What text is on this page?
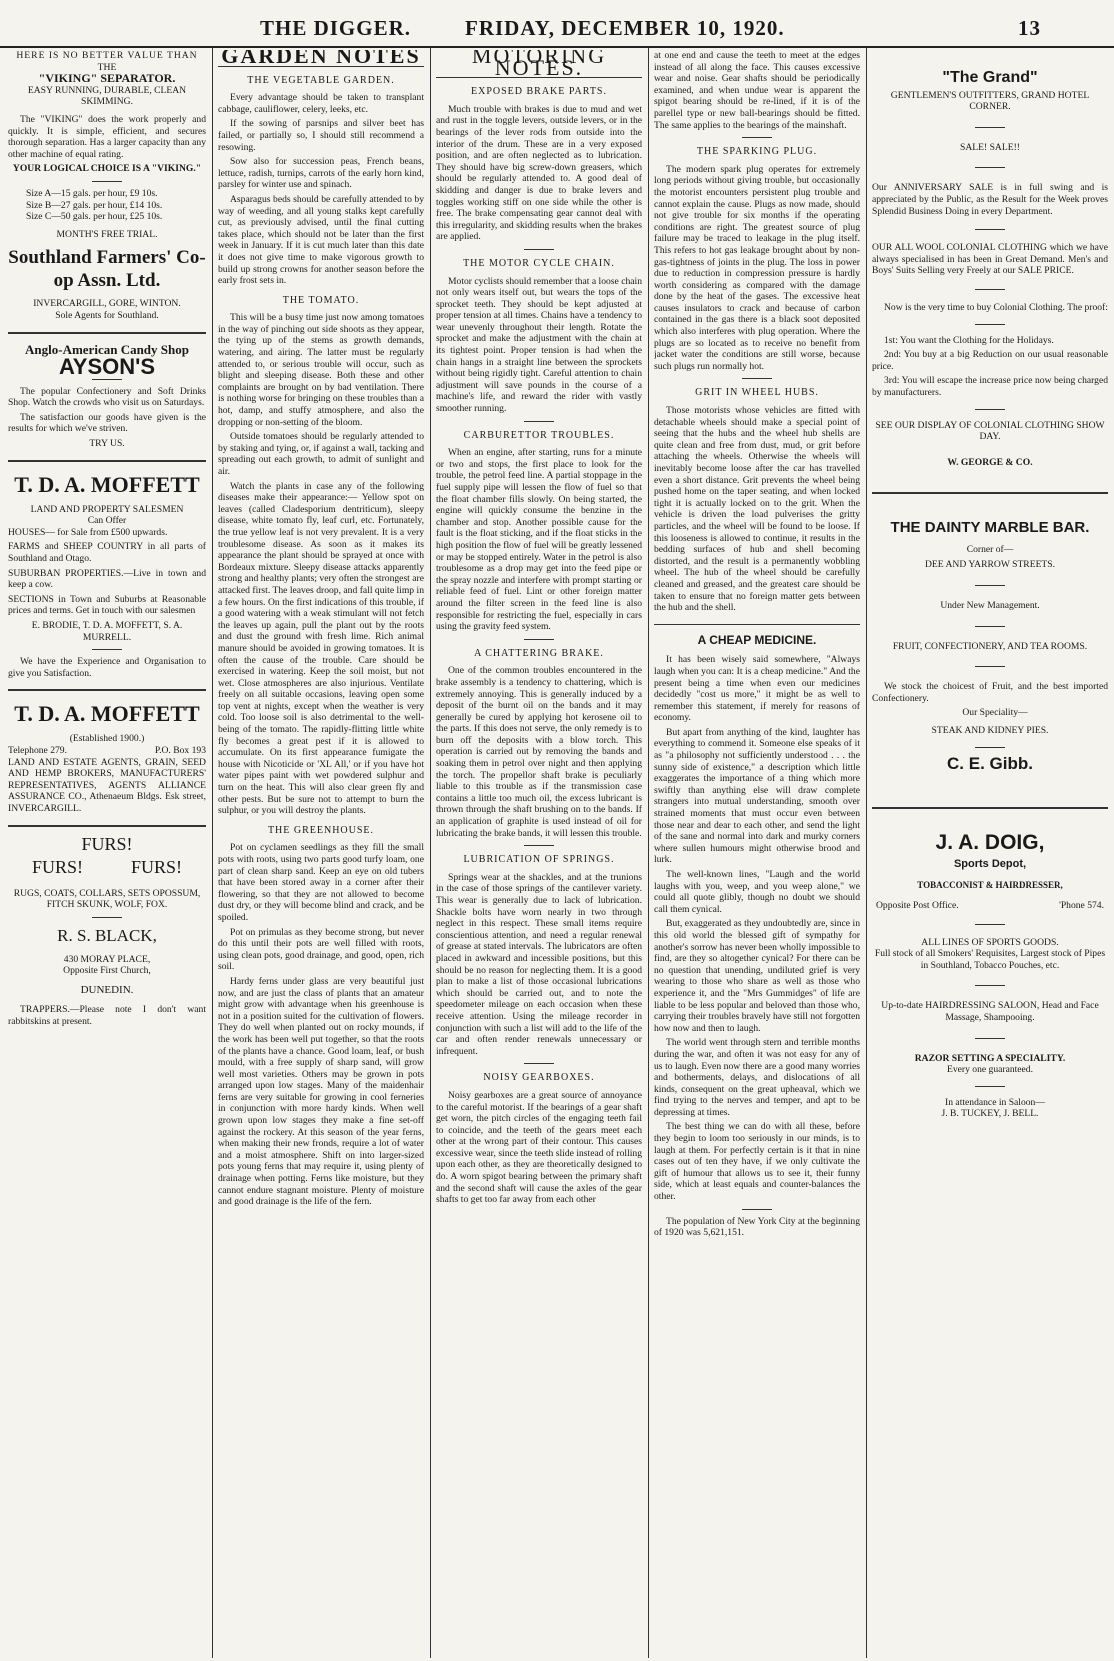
THE DIGGER.	FRIDAY, DECEMBER 10, 1920.	13
HERE IS NO BETTER VALUE THAN
THE
"VIKING" SEPARATOR.
EASY RUNNING, DURABLE, CLEAN SKIMMING.

The "VIKING" does the work properly and quickly. It is simple, efficient, and secures thorough separation. Has a larger capacity than any other machine of equal rating.

YOUR LOGICAL CHOICE IS A "VIKING."
Size A—15 gals. per hour, £9 10s.
Size B—27 gals. per hour, £14 10s.
Size C—50 gals. per hour, £25 10s.
MONTH'S FREE TRIAL.
Southland Farmers' Co-op Assn. Ltd.
INVERCARGILL, GORE, WINTON.
Sole Agents for Southland.
Anglo-American Candy Shop
AYSON'S

The popular Confectionery and Soft Drinks Shop. Watch the crowds who visit us on Saturdays.

The satisfaction our goods have given is the results for which we've striven.

TRY US.
T. D. A. MOFFETT
LAND AND PROPERTY SALESMEN
Can Offer

HOUSES— for Sale from £500 upwards.

FARMS and SHEEP COUNTRY in all parts of Southland and Otago.

SUBURBAN PROPERTIES.—Live in town and keep a cow.

SECTIONS in Town and Suburbs at Reasonable prices and terms. Get in touch with our salesmen

E. BRODIE, T. D. A. MOFFETT, S. A. MURRELL.

We have the Experience and Organisation to give you Satisfaction.

T. D. A. MOFFETT
(Established 1900.)
Telephone 279.	P.O. Box 193

LAND AND ESTATE AGENTS, GRAIN, SEED AND HEMP BROKERS, MANUFACTURERS' REPRESENTATIVES, AGENTS ALLIANCE ASSURANCE CO., Athenaeum Bldgs. Esk street, INVERCARGILL.

FURS!
FURS!	FURS!

RUGS, COATS, COLLARS, SETS OPOSSUM, FITCH SKUNK, WOLF, FOX.

R. S. BLACK,
430 MORAY PLACE,
Opposite First Church,
DUNEDIN.

TRAPPERS.—Please note I don't want rabbitskins at present.

GARDEN NOTES
THE VEGETABLE GARDEN.

Every advantage should be taken to transplant cabbage, cauliflower, celery, leeks, etc.

If the sowing of parsnips and silver beet has failed, or partially so, I should still recommend a resowing.

Sow also for succession peas, French beans, lettuce, radish, turnips, carrots of the early horn kind, parsley for winter use and spinach.

Asparagus beds should be carefully attended to by way of weeding, and all young stalks kept carefully cut, as previously advised, until the final cutting takes place, which should not be later than the first week in January. If it is cut much later than this date it does not give time to make vigorous growth to build up strong crowns for another season before the early frost sets in.

THE TOMATO.

This will be a busy time just now among tomatoes in the way of pinching out side shoots as they appear, the tying up of the stems as growth demands, watering, and airing. The latter must be regularly attended to, or serious trouble will occur, such as blight and sleeping disease. Both these and other complaints are brought on by bad ventilation. There is nothing worse for bringing on these troubles than a hot, damp, and stuffy atmosphere, and also the dropping or non-setting of the bloom.

Outside tomatoes should be regularly attended to by staking and tying, or, if against a wall, tacking and spreading out each growth, to admit of sunlight and air.

Watch the plants in case any of the following diseases make their appearance:— Yellow spot on leaves (called Cladesporium dentriticum), sleepy disease, white tomato fly, leaf curl, etc. Fortunately, the true yellow leaf is not very prevalent. It is a very troublesome disease. As soon as it makes its appearance the plant should be sprayed at once with Bordeaux mixture. Sleepy disease attacks apparently strong and healthy plants; very often the strongest are attacked first. The leaves droop, and fall quite limp in a few hours. On the first indications of this trouble, if a good watering with a weak stimulant will not fetch the leaves up again, pull the plant out by the roots and dust the ground with fresh lime. Rich animal manure should be avoided in growing tomatoes. It is often the cause of the trouble. Care should be exercised in watering. Keep the soil moist, but not wet. Close atmospheres are also injurious. Ventilate freely on all suitable occasions, leaving open some top vent at nights, except when the weather is very cold. Too loose soil is also detrimental to the well-being of the tomato. The rapidly-flitting little white fly becomes a great pest if it is allowed to accumulate. On its first appearance fumigate the house with Nicoticide or 'XL All,' or if you have hot water pipes paint with wet powdered sulphur and turn on the heat. This will also clear green fly and other pests. But be sure not to attempt to burn the sulphur, or you will destroy the plants.

THE GREENHOUSE.

Pot on cyclamen seedlings as they fill the small pots with roots, using two parts good turfy loam, one part of clean sharp sand. Keep an eye on old tubers that have been stored away in a corner after their flowering, so that they are not allowed to become dust dry, or they will become blind and crack, and be spoiled.

Pot on primulas as they become strong, but never do this until their pots are well filled with roots, using clean pots, good drainage, and good, open, rich soil.

Hardy ferns under glass are very beautiful just now, and are just the class of plants that an amateur might grow with advantage when his greenhouse is not in a position suited for the cultivation of flowers. They do well when planted out on rocky mounds, if the work has been well put together, so that the roots of the plants have a chance. Good loam, leaf, or bush mould, with a free supply of sharp sand, will grow well most varieties. Others may be grown in pots arranged upon low stages. Many of the maidenhair ferns are very suitable for growing in cool ferneries in conjunction with more hardy kinds. When well grown upon low stages they make a fine set-off against the rockery. At this season of the year ferns, when making their new fronds, require a lot of water and a moist atmosphere. Shift on into larger-sized pots young ferns that may require it, using plenty of drainage when potting. Ferns like moisture, but they cannot endure stagnant moisture. Plenty of moisture and good drainage is the life of the fern.

MOTORING NOTES.
EXPOSED BRAKE PARTS.

Much trouble with brakes is due to mud and wet and rust in the toggle levers, outside levers, or in the bearings of the lever rods from outside into the interior of the drum. These are in a very exposed position, and are often neglected as to lubrication. They should have big screw-down greasers, which should be regularly attended to. A good deal of skidding and danger is due to brake levers and toggles working stiff on one side while the other is free. The brake compensating gear cannot deal with this irregularity, and skidding results when the brakes are applied.

THE MOTOR CYCLE CHAIN.

Motor cyclists should remember that a loose chain not only wears itself out, but wears the tops of the sprocket teeth. They should be kept adjusted at proper tension at all times. Chains have a tendency to wear unevenly throughout their length. Rotate the sprocket and make the adjustment with the chain at its tightest point. Proper tension is had when the chain hangs in a straight line between the sprockets without being rigidly tight. Careful attention to chain adjustment will save pounds in the course of a machine's life, and reward the rider with vastly smoother running.

CARBURETTOR TROUBLES.

When an engine, after starting, runs for a minute or two and stops, the first place to look for the trouble, the petrol feed line. A partial stoppage in the fuel supply pipe will lessen the flow of fuel so that the float chamber fills slowly. On being started, the engine will quickly consume the benzine in the chamber and stop. Another possible cause for the fault is the float sticking, and if the float sticks in the high position the flow of fuel will be greatly lessened or may be stopped entirely. Water in the petrol is also troublesome as a drop may get into the feed pipe or the spray nozzle and interfere with prompt starting or reliable feed of fuel. Lint or other foreign matter around the filter screen in the feed line is also responsible for restricting the fuel, especially in cars using the gravity feed system.

A CHATTERING BRAKE.

One of the common troubles encountered in the brake assembly is a tendency to chattering, which is extremely annoying. This is generally induced by a deposit of the burnt oil on the bands and it may generally be cured by applying hot kerosene oil to the parts. If this does not serve, the only remedy is to burn off the deposits with a blow torch. This operation is carried out by removing the bands and soaking them in petrol over night and then applying the torch. The propellor shaft brake is peculiarly liable to this trouble as if the transmission case contains a little too much oil, the excess lubricant is thrown through the shaft brushing on to the bands. If an application of graphite is used instead of oil for lubricating the brake bands, it will lessen this trouble.

LUBRICATION OF SPRINGS.

Springs wear at the shackles, and at the trunions in the case of those springs of the cantilever variety. This wear is generally due to lack of lubrication. Shackle bolts have worn nearly in two through neglect in this respect. These small items require conscientious attention, and need a regular renewal of grease at stated intervals. The lubricators are often placed in awkward and incessible positions, but this should be no reason for neglecting them. It is a good plan to make a list of those occasional lubrications which should be carried out, and to note the speedometer mileage on each occasion when these receive attention. Using the mileage recorder in conjunction with such a list will add to the life of the car and often render renewals unnecessary or infrequent.

NOISY GEARBOXES.

Noisy gearboxes are a great source of annoyance to the careful motorist. If the bearings of a gear shaft get worn, the pitch circles of the engaging teeth fail to coincide, and the teeth of the gears meet each other at the wrong part of their contour. This causes excessive wear, since the teeth slide instead of rolling upon each other, as they are theoretically designed to do. A worn spigot bearing between the primary shaft and the second shaft will cause the axles of the gear shafts to get too far away from each other

at one end and cause the teeth to meet at the edges instead of all along the face. This causes excessive wear and noise. Gear shafts should be periodically examined, and when undue wear is apparent the spigot bearing should be re-lined, if it is of the parellel type or new ball-bearings should be fitted. The same applies to the bearings of the mainshaft.

THE SPARKING PLUG.

The modern spark plug operates for extremely long periods without giving trouble, but occasionally the motorist encounters persistent plug trouble and cannot explain the cause. Plugs as now made, should not give trouble for six months if the operating conditions are right. The greatest source of plug failure may be traced to leakage in the plug itself. This refers to hot gas leakage brought about by non-gas-tightness of joints in the plug. The loss in power due to reduction in compression pressure is hardly worth considering as compared with the damage done by the heat of the gases. The excessive heat causes insulators to crack and because of carbon contained in the gas there is a black soot deposited which also interferes with plug operation. Where the plugs are so located as to receive no benefit from jacket water the conditions are still worse, because such plugs run normally hot.

GRIT IN WHEEL HUBS.

Those motorists whose vehicles are fitted with detachable wheels should make a special point of seeing that the hubs and the wheel hub shells are quite clean and free from dust, mud, or grit before attaching the wheels. Otherwise the wheels will inevitably become loose after the car has travelled even a short distance. Grit prevents the wheel being pushed home on the taper seating, and when locked tight it is actually locked on to the grit. When the vehicle is driven the load pulverises the gritty particles, and the wheel will be found to be loose. If this looseness is allowed to continue, it results in the bedding surfaces of hub and shell becoming distorted, and the result is a permanently wobbling wheel. The hub of the wheel should be carefully cleaned and greased, and the greatest care should be taken to ensure that no foreign matter gets between the hub and the shell.

A CHEAP MEDICINE.

It has been wisely said somewhere, "Always laugh when you can: It is a cheap medicine." And the present being a time when even our medicines decidedly "cost us more," it might be as well to remember this statement, if merely for reasons of economy.

But apart from anything of the kind, laughter has everything to commend it. Someone else speaks of it as "a philosophy not sufficiently understood . . . the sunny side of existence," a description which little exaggerates the importance of a thing which more swiftly than anything else will draw complete strangers into mutual understanding, smooth over strained moments that must occur even between those near and dear to each other, and send the light of the sane and normal into dark and murky corners where sullen humours might otherwise brood and lurk.

The well-known lines, "Laugh and the world laughs with you, weep, and you weep alone," we could all quote glibly, though no doubt we should call them cynical.

But, exaggerated as they undoubtedly are, since in this old world the blessed gift of sympathy for another's sorrow has never been wholly impossible to find, are they so altogether cynical? For there can be no question that unending, undiluted grief is very wearing to those who share as well as those who experience it, and the "Mrs Gummidges" of life are liable to be less popular and beloved than those who, carrying their troubles bravely have still not forgotten how now and then to laugh.

The world went through stern and terrible months during the war, and often it was not easy for any of us to laugh. Even now there are a good many worries and botherments, delays, and dislocations of all kinds, consequent on the great upheaval, which we find trying to the nerves and temper, and apt to be depressing at times.

The best thing we can do with all these, before they begin to loom too seriously in our minds, is to laugh at them. For perfectly certain is it that in nine cases out of ten they have, if we only cultivate the gift of humour that allows us to see it, their funny side, which at least equals and counter-balances the other.

The population of New York City at the beginning of 1920 was 5,621,151.

"The Grand"
GENTLEMEN'S OUTFITTERS, GRAND HOTEL CORNER.
SALE! SALE!!

Our ANNIVERSARY SALE is in full swing and is appreciated by the Public, as the Result for the Week proves Splendid Business Doing in every Department.

OUR ALL WOOL COLONIAL CLOTHING which we have always specialised in has been in Great Demand. Men's and Boys' Suits Selling very Freely at our SALE PRICE.

Now is the very time to buy Colonial Clothing. The proof:

1st: You want the Clothing for the Holidays.

2nd: You buy at a big Reduction on our usual reasonable price.

3rd: You will escape the increase price now being charged by manufacturers.

SEE OUR DISPLAY OF COLONIAL CLOTHING SHOW DAY.
W. GEORGE & CO.
THE DAINTY MARBLE BAR.
Corner of—
DEE AND YARROW STREETS.
Under New Management.
FRUIT, CONFECTIONERY, AND TEA ROOMS.

We stock the choicest of Fruit, and the best imported Confectionery.

Our Speciality—
STEAK AND KIDNEY PIES.
C. E. Gibb.
J. A. DOIG,
Sports Depot,
TOBACCONIST & HAIRDRESSER,
Opposite Post Office.	'Phone 574.
ALL LINES OF SPORTS GOODS.

Full stock of all Smokers' Requisites, Largest stock of Pipes in Southland, Tobacco Pouches, etc.

Up-to-date HAIRDRESSING SALOON, Head and Face Massage, Shampooing.

RAZOR SETTING A SPECIALITY.
Every one guaranteed.
In attendance in Saloon—
J. B. TUCKEY, J. BELL.
